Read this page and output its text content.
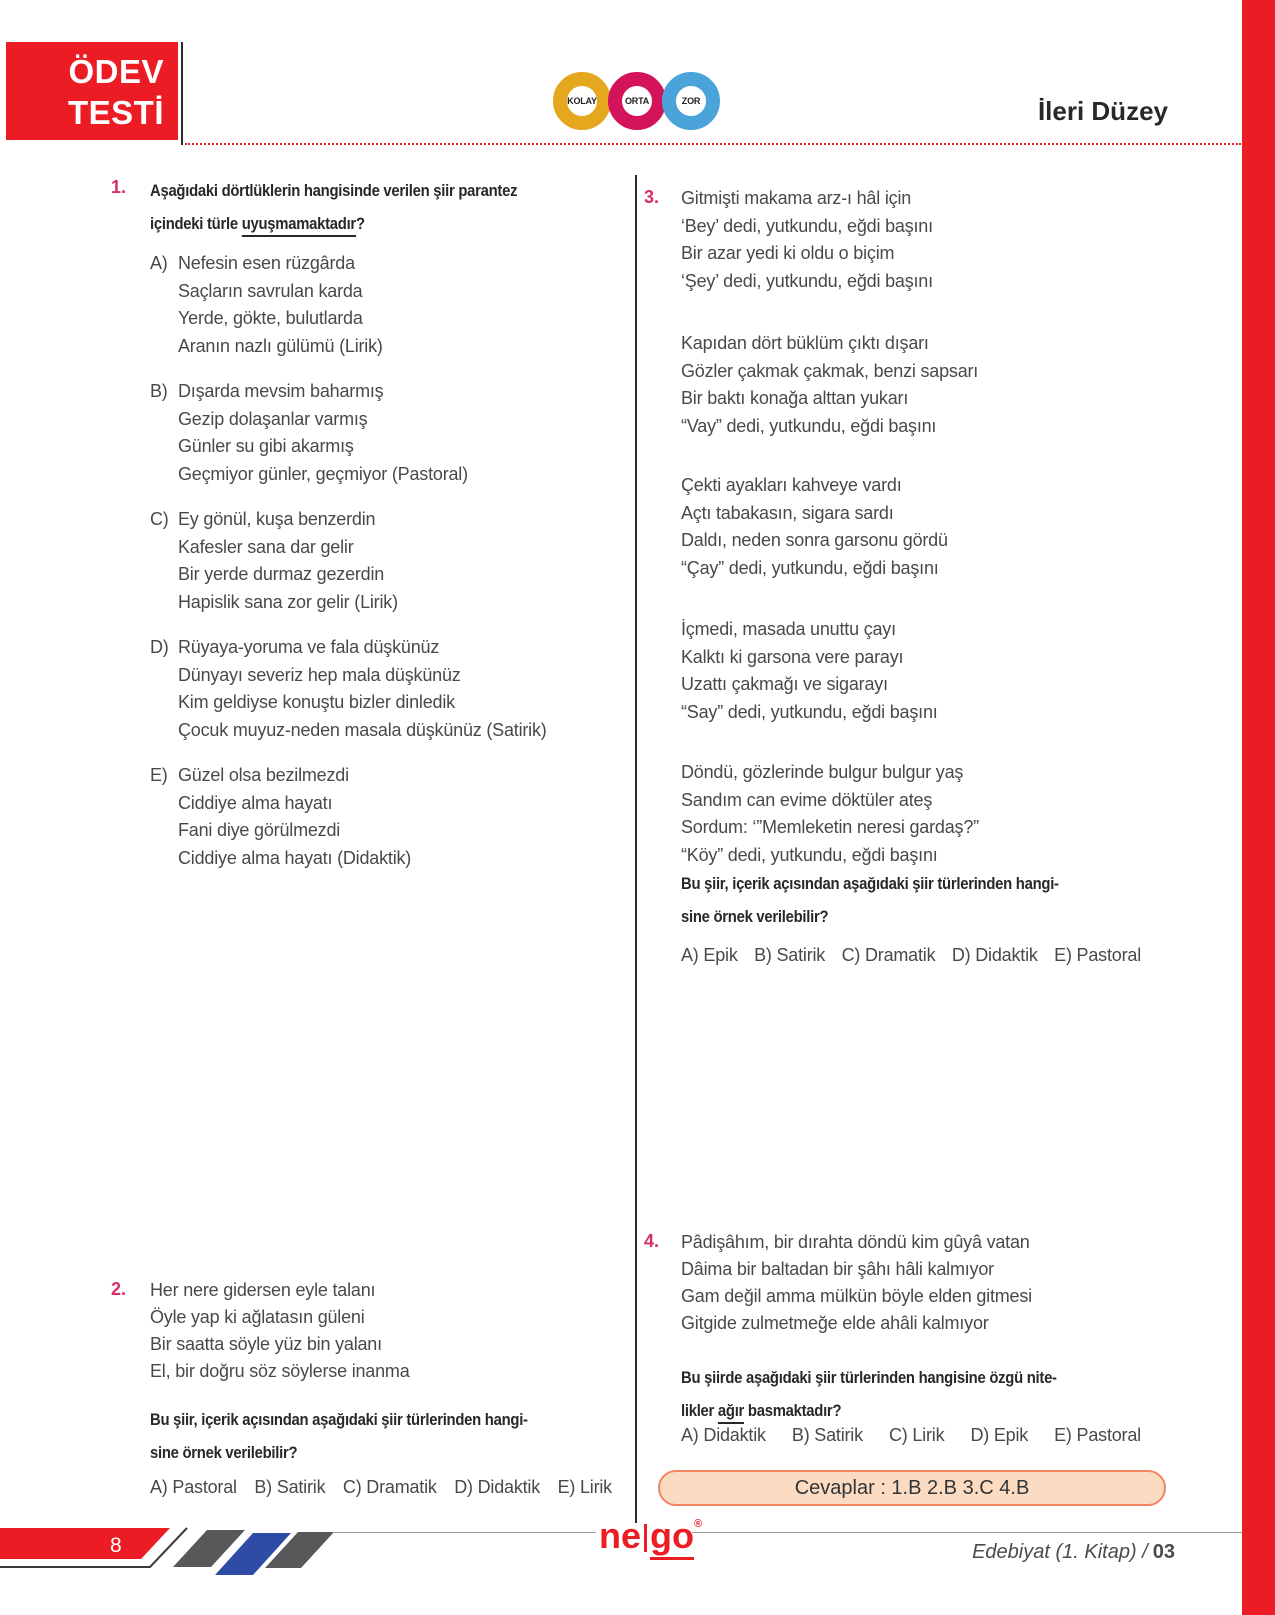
ÖDEV
TESTİ	KOLAY	ORTA	ZOR	İleri Düzey
1. Aşağıdaki dörtlüklerin hangisinde verilen şiir parantez
içindeki türle uyuşmamaktadır?
A) Nefesin esen rüzgârda
Saçların savrulan karda
Yerde, gökte, bulutlarda
Aranın nazlı gülümü (Lirik)
B) Dışarda mevsim baharmış
Gezip dolaşanlar varmış
Günler su gibi akarmış
Geçmiyor günler, geçmiyor (Pastoral)
C) Ey gönül, kuşa benzerdin
Kafesler sana dar gelir
Bir yerde durmaz gezerdin
Hapislik sana zor gelir (Lirik)
D) Rüyaya-yoruma ve fala düşkünüz
Dünyayı severiz hep mala düşkünüz
Kim geldiyse konuştu bizler dinledik
Çocuk muyuz-neden masala düşkünüz (Satirik)
E) Güzel olsa bezilmezdi
Ciddiye alma hayatı
Fani diye görülmezdi
Ciddiye alma hayatı (Didaktik)
2. Her nere gidersen eyle talanı
Öyle yap ki ağlatasın güleni
Bir saatta söyle yüz bin yalanı
El, bir doğru söz söylerse inanma
Bu şiir, içerik açısından aşağıdaki şiir türlerinden hangi-
sine örnek verilebilir?
A) Pastoral B) Satirik C) Dramatik D) Didaktik E) Lirik
3. Gitmişti makama arz-ı hâl için
‘Bey’ dedi, yutkundu, eğdi başını
Bir azar yedi ki oldu o biçim
‘Şey’ dedi, yutkundu, eğdi başını
Kapıdan dört büklüm çıktı dışarı
Gözler çakmak çakmak, benzi sapsarı
Bir baktı konağa alttan yukarı
“Vay” dedi, yutkundu, eğdi başını
Çekti ayakları kahveye vardı
Açtı tabakasın, sigara sardı
Daldı, neden sonra garsonu gördü
“Çay” dedi, yutkundu, eğdi başını
İçmedi, masada unuttu çayı
Kalktı ki garsona vere parayı
Uzattı çakmağı ve sigarayı
“Say” dedi, yutkundu, eğdi başını
Döndü, gözlerinde bulgur bulgur yaş
Sandım can evime döktüler ateş
Sordum: ‘”Memleketin neresi gardaş?”
“Köy” dedi, yutkundu, eğdi başını
Bu şiir, içerik açısından aşağıdaki şiir türlerinden hangi-
sine örnek verilebilir?
A) Epik B) Satirik C) Dramatik D) Didaktik E) Pastoral
4. Pâdişâhım, bir dırahta döndü kim gûyâ vatan
Dâima bir baltadan bir şâhı hâli kalmıyor
Gam değil amma mülkün böyle elden gitmesi
Gitgide zulmetmeğe elde ahâli kalmıyor
Bu şiirde aşağıdaki şiir türlerinden hangisine özgü nite-
likler ağır basmaktadır?
A) Didaktik B) Satirik C) Lirik D) Epik E) Pastoral
Cevaplar : 1.B 2.B 3.C 4.B
8	ne go ®
Edebiyat (1. Kitap) / 03
